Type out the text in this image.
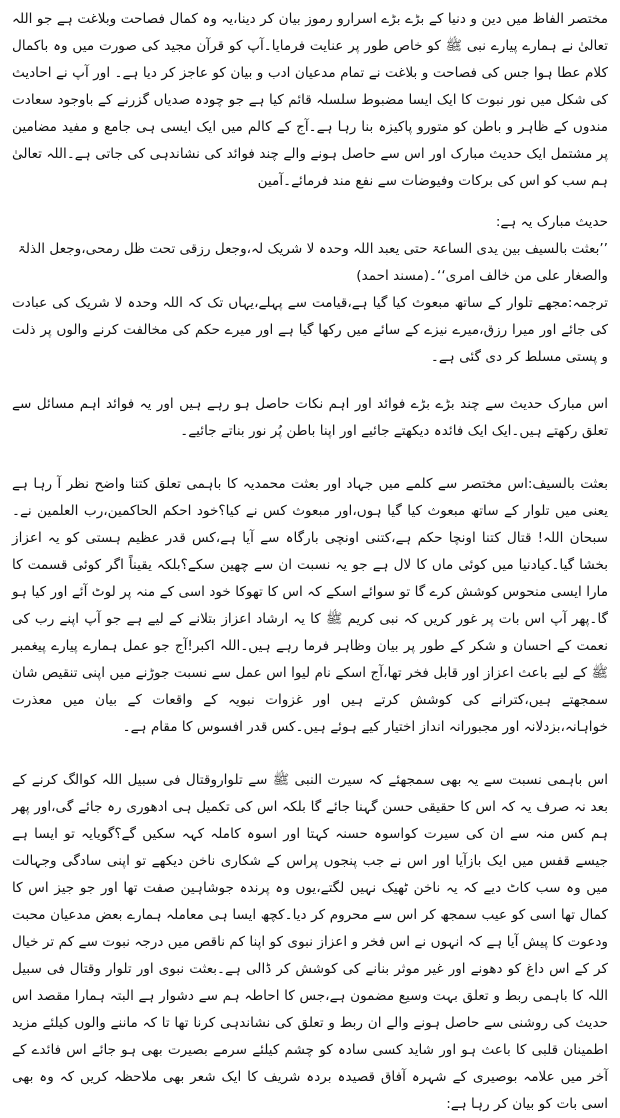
مختصر الفاظ میں دین و دنیا کے بڑے بڑے اسرارو رموز بیان کر دینا،یہ وہ کمال فصاحت وبلاغت ہے جو اللہ تعالیٰ نے ہمارے پیارے نبی ﷺ کو خاص طور پر عنایت فرمایا۔آپ کو قرآن مجید کی صورت میں وہ باکمال کلام عطا ہوا جس کی فصاحت و بلاغت نے تمام مدعیان ادب و بیان کو عاجز کر دیا ہے۔ اور آپ نے احادیث کی شکل میں نور نبوت کا ایک ایسا مضبوط سلسلہ قائم کیا ہے جو چودہ صدیاں گزرنے کے باوجود سعادت مندوں کے ظاہر و باطن کو متورو پاکیزہ بنا رہا ہے۔آج کے کالم میں ایک ایسی ہی جامع و مفید مضامین پر مشتمل ایک حدیث مبارک اور اس سے حاصل ہونے والے چند فوائد کی نشاندہی کی جاتی ہے۔اللہ تعالیٰ ہم سب کو اس کی برکات وفیوضات سے نفع مند فرمائے۔آمین

حدیث مبارک یہ ہے:

’’بعثت بالسیف بین یدی الساعۃ حتی یعبد اللہ وحدہ لا شریک لہ،وجعل رزقی تحت ظل رمحی،وجعل الذلۃ والصغار علی من خالف امری‘‘۔(مسند احمد)

ترجمہ:مجھے تلوار کے ساتھ مبعوث کیا گیا ہے،قیامت سے پہلے،یہاں تک کہ اللہ وحدہ لا شریک کی عبادت کی جائے اور میرا رزق،میرے نیزے کے سائے میں رکھا گیا ہے اور میرے حکم کی مخالفت کرنے والوں پر ذلت و پستی مسلط کر دی گئی ہے۔

اس مبارک حدیث سے چند بڑے بڑے فوائد اور اہم نکات حاصل ہو رہے ہیں اور یہ فوائد اہم مسائل سے تعلق رکھتے ہیں۔ایک ایک فائدہ دیکھتے جائیے اور اپنا باطن پُر نور بناتے جائیے۔

بعثت بالسیف:اس مختصر سے کلمے میں جہاد اور بعثت محمدیہ کا باہمی تعلق کتنا واضح نظر آ رہا ہے یعنی میں تلوار کے ساتھ مبعوث کیا گیا ہوں،اور مبعوث کس نے کیا؟خود احکم الحاکمین،رب العلمین نے۔سبحان اللہ! قتال کتنا اونچا حکم ہے،کتنی اونچی بارگاہ سے آیا ہے،کس قدر عظیم ہستی کو یہ اعزاز بخشا گیا۔کیادنیا میں کوئی ماں کا لال ہے جو یہ نسبت ان سے چھین سکے؟بلکہ یقیناً اگر کوئی قسمت کا مارا ایسی منحوس کوشش کرے گا تو سوائے اسکے کہ اس کا تھوکا خود اسی کے منہ پر لوٹ آئے اور کیا ہو گا۔پھر آپ اس بات پر غور کریں کہ نبی کریم ﷺ کا یہ ارشاد اعزاز بتلانے کے لیے ہے جو آپ اپنے رب کی نعمت کے احسان و شکر کے طور پر بیان وظاہر فرما رہے ہیں۔اللہ اکبر!آج جو عمل ہمارے پیارے پیغمبر ﷺ کے لیے باعث اعزاز اور قابل فخر تھا،آج اسکے نام لیوا اس عمل سے نسبت جوڑنے میں اپنی تنقیص شان سمجھتے ہیں،کترانے کی کوشش کرتے ہیں اور غزوات نبویہ کے واقعات کے بیان میں معذرت خواہانہ،بزدلانہ اور مجبورانہ انداز اختیار کیے ہوئے ہیں۔کس قدر افسوس کا مقام ہے۔

اس باہمی نسبت سے یہ بھی سمجھئے کہ سیرت النبی ﷺ سے تلواروقتال فی سبیل اللہ کوالگ کرنے کے بعد نہ صرف یہ کہ اس کا حقیقی حسن گہنا جائے گا بلکہ اس کی تکمیل ہی ادھوری رہ جائے گی،اور پھر ہم کس منہ سے ان کی سیرت کواسوہ حسنہ کہتا اور اسوہ کاملہ کہہ سکیں گے؟گویایہ تو ایسا ہے جیسے قفس میں ایک بازآیا اور اس نے جب پنجوں پراس کے شکاری ناخن دیکھے تو اپنی سادگی وجہالت میں وہ سب کاٹ دیے کہ یہ ناخن ٹھیک نہیں لگتے،یوں وہ پرندہ جوشاہین صفت تھا اور جو جیز اس کا کمال تھا اسی کو عیب سمجھ کر اس سے محروم کر دیا۔کچھ ایسا ہی معاملہ ہمارے بعض مدعیان محبت ودعوت کا پیش آیا ہے کہ انہوں نے اس فخر و اعزاز نبوی کو اپنا کم ناقص میں درجہ نبوت سے کم تر خیال کر کے اس داغ کو دھونے اور غیر موثر بنانے کی کوشش کر ڈالی ہے۔بعثت نبوی اور تلوار وقتال فی سبیل اللہ کا باہمی ربط و تعلق بہت وسیع مضمون ہے،جس کا احاطہ ہم سے دشوار ہے البتہ ہمارا مقصد اس حدیث کی روشنی سے حاصل ہونے والے ان ربط و تعلق کی نشاندہی کرنا تھا تا کہ ماننے والوں کیلئے مزید اطمینان قلبی کا باعث ہو اور شاید کسی سادہ کو چشم کیلئے سرمے بصیرت بھی ہو جائے اس فائدے کے آخر میں علامہ بوصیری کے شہرہ آفاق قصیدہ بردہ شریف کا ایک شعر بھی ملاحظہ کریں کہ وہ بھی اسی بات کو بیان کر رہا ہے:
